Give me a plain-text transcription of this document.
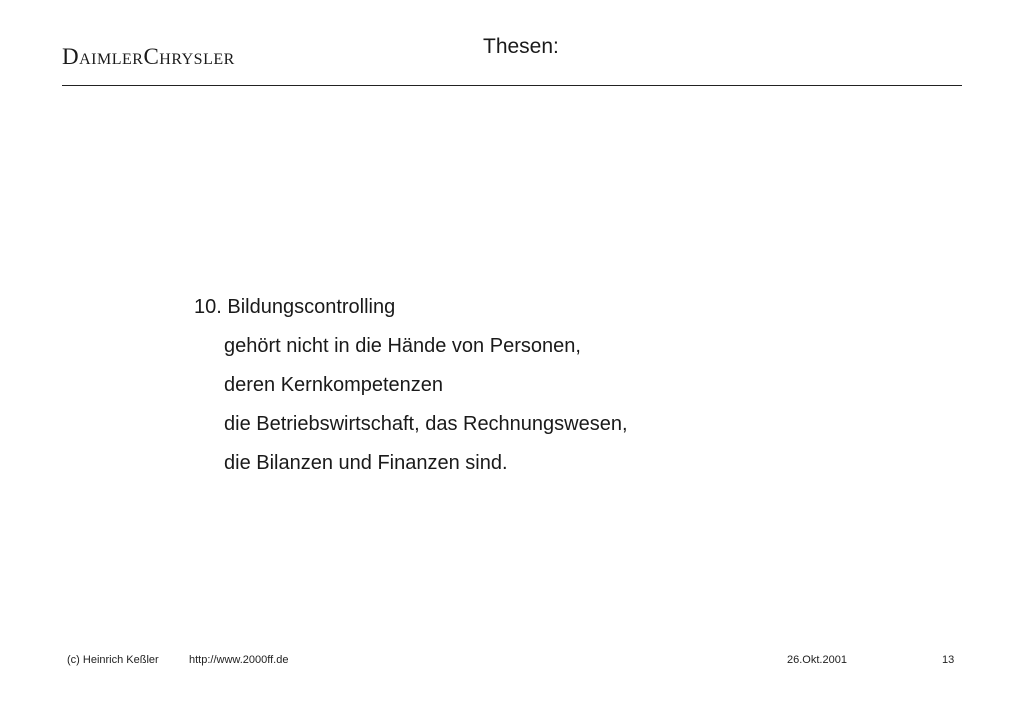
DaimlerChrysler	Thesen:
10. Bildungscontrolling
gehört nicht in die Hände von Personen,
deren Kernkompetenzen
die Betriebswirtschaft, das Rechnungswesen,
die Bilanzen und Finanzen sind.
(c) Heinrich Keßler	http://www.2000ff.de	26.Okt.2001	13
